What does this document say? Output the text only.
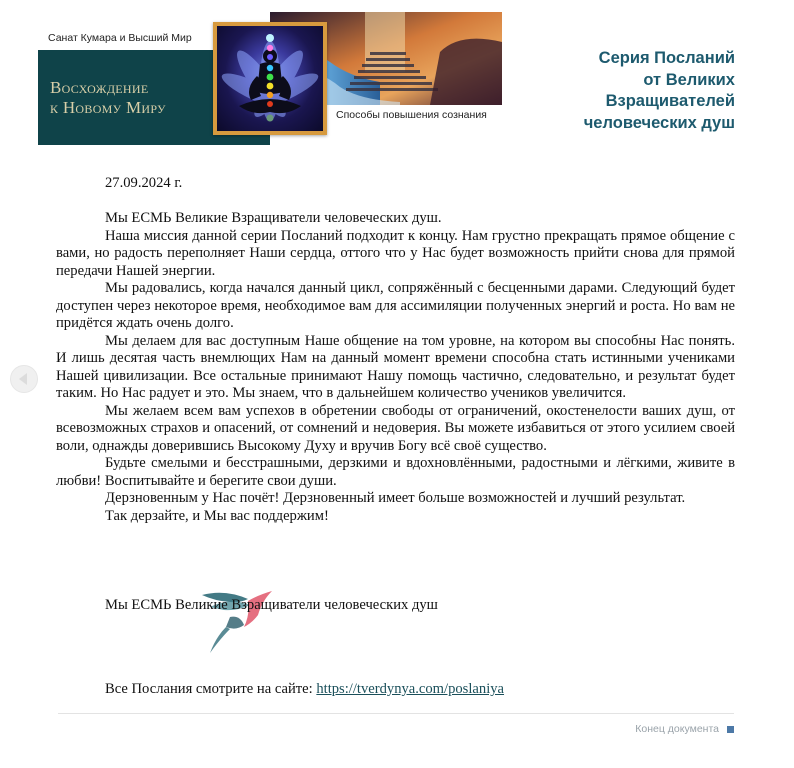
Санат Кумара и Высший Мир
Восхождение
к Новому Миру	Способы повышения сознания
Серия Посланий
от Великих
Взращивателей
человеческих душ
27.09.2024 г.

Мы ЕСМЬ Великие Взращиватели человеческих душ.

Наша миссия данной серии Посланий подходит к концу. Нам грустно прекращать прямое общение с вами, но радость переполняет Наши сердца, оттого что у Нас будет возможность прийти снова для прямой передачи Нашей энергии.

Мы радовались, когда начался данный цикл, сопряжённый с бесценными дарами. Следующий будет доступен через некоторое время, необходимое вам для ассимиляции полученных энергий и роста. Но вам не придётся ждать очень долго.

Мы делаем для вас доступным Наше общение на том уровне, на котором вы способны Нас понять. И лишь десятая часть внемлющих Нам на данный момент времени способна стать истинными учениками Нашей цивилизации. Все остальные принимают Нашу помощь частично, следовательно, и результат будет таким. Но Нас радует и это. Мы знаем, что в дальнейшем количество учеников увеличится.

Мы желаем всем вам успехов в обретении свободы от ограничений, окостенелости ваших душ, от всевозможных страхов и опасений, от сомнений и недоверия. Вы можете избавиться от этого усилием своей воли, однажды доверившись Высокому Духу и вручив Богу всё своё существо.

Будьте смелыми и бесстрашными, дерзкими и вдохновлёнными, радостными и лёгкими, живите в любви! Воспитывайте и берегите свои души.

Дерзновенным у Нас почёт! Дерзновенный имеет больше возможностей и лучший результат.

Так дерзайте, и Мы вас поддержим!

Мы ЕСМЬ Великие Взращиватели человеческих душ
Все Послания смотрите на сайте: https://tverdynya.com/poslaniya
Конец документа
